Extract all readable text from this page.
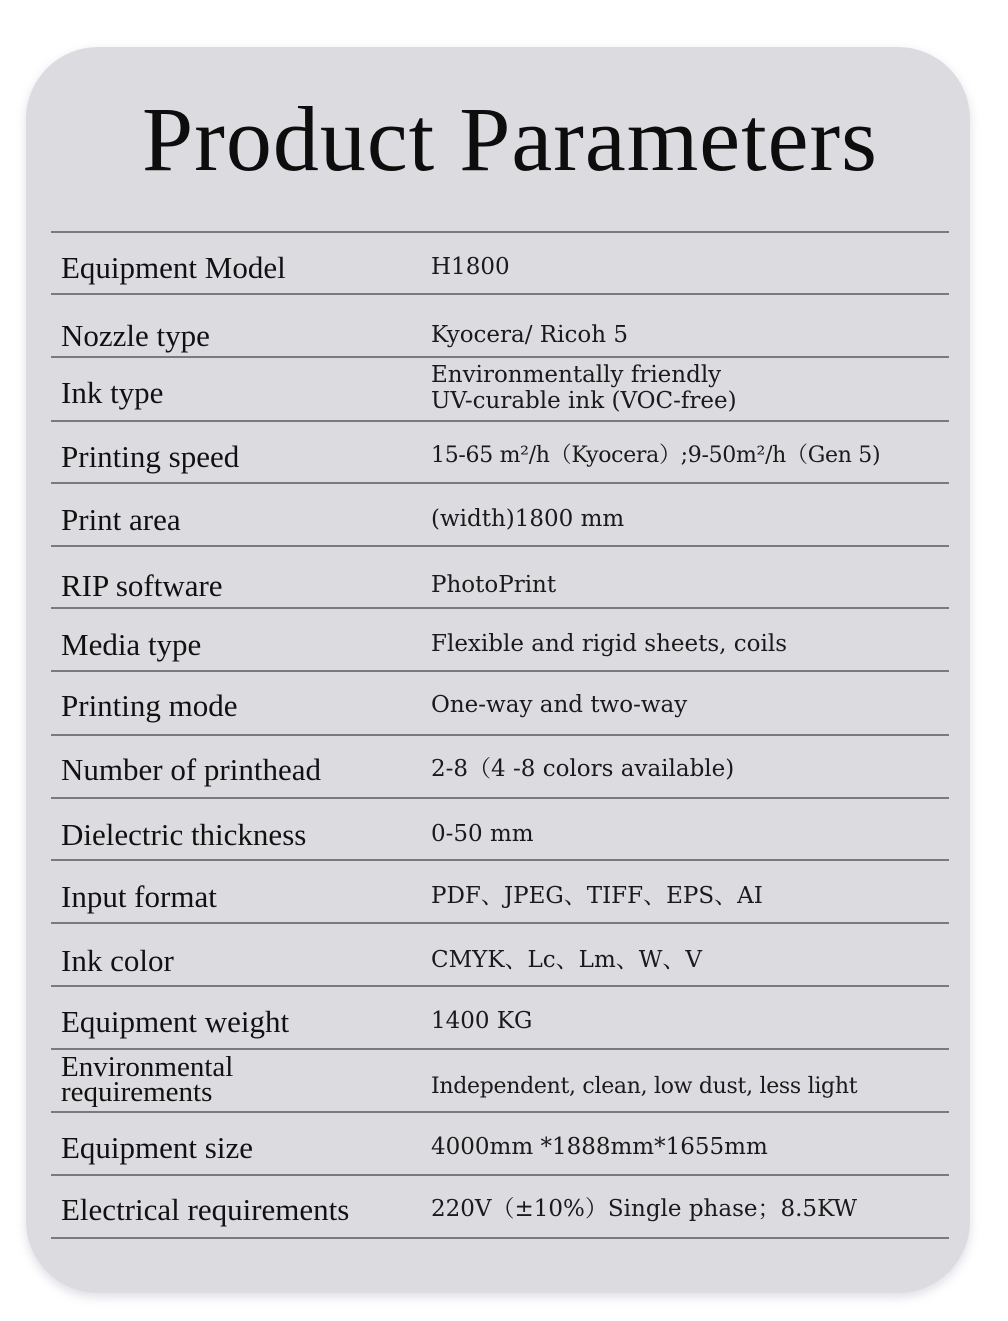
Product Parameters
Equipment Model	H1800
Nozzle type	Kyocera/ Ricoh 5
Ink type	Environmentally friendly
UV-curable ink (VOC-free)
Printing speed	15-65 m²/h（Kyocera）;9-50m²/h（Gen 5)
Print area	(width)1800 mm
RIP software	PhotoPrint
Media type	Flexible and rigid sheets, coils
Printing mode	One-way and two-way
Number of printhead	2-8（4 -8 colors available)
Dielectric thickness	0-50 mm
Input format	PDF、JPEG、TIFF、EPS、AI
Ink color	CMYK、Lc、Lm、W、V
Equipment weight	1400 KG
Environmental
requirements	Independent, clean, low dust, less light
Equipment size	4000mm *1888mm*1655mm
Electrical requirements	220V（±10%）Single phase；8.5KW
